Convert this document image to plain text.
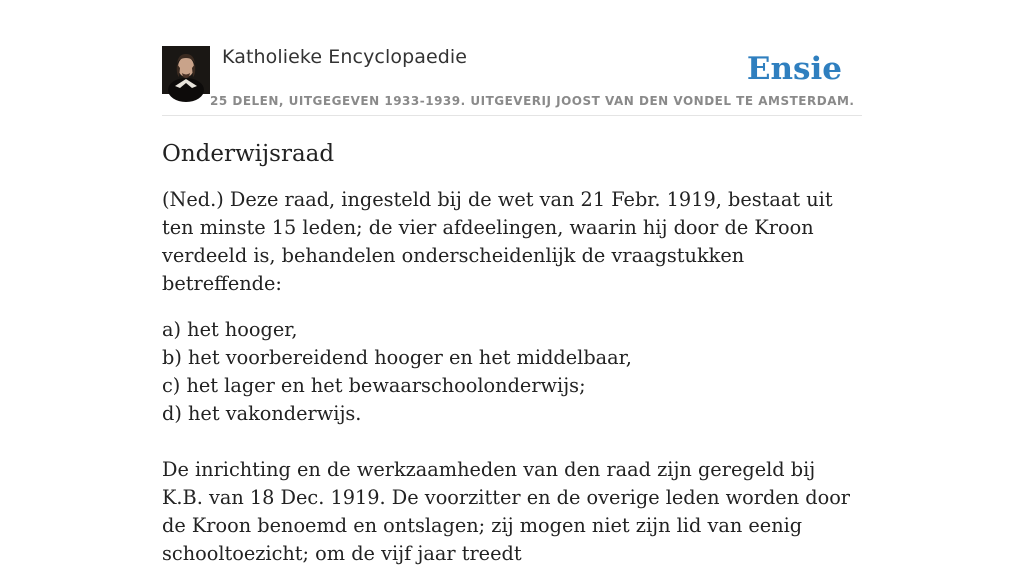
Katholieke Encyclopaedie
25 DELEN, UITGEGEVEN 1933-1939. UITGEVERIJ JOOST VAN DEN VONDEL TE AMSTERDAM.
Ensie
Onderwijsraad

(Ned.) Deze raad, ingesteld bij de wet van 21 Febr. 1919, bestaat uit ten minste 15 leden; de vier afdeelingen, waarin hij door de Kroon verdeeld is, behandelen onderscheidenlijk de vraagstukken betreffende:

a) het hooger,
b) het voorbereidend hooger en het middelbaar,
c) het lager en het bewaarschoolonderwijs;
d) het vakonderwijs.

De inrichting en de werkzaamheden van den raad zijn geregeld bij K.B. van 18 Dec. 1919. De voorzitter en de overige leden worden door de Kroon benoemd en ontslagen; zij mogen niet zijn lid van eenig schooltoezicht; om de vijf jaar treedt
